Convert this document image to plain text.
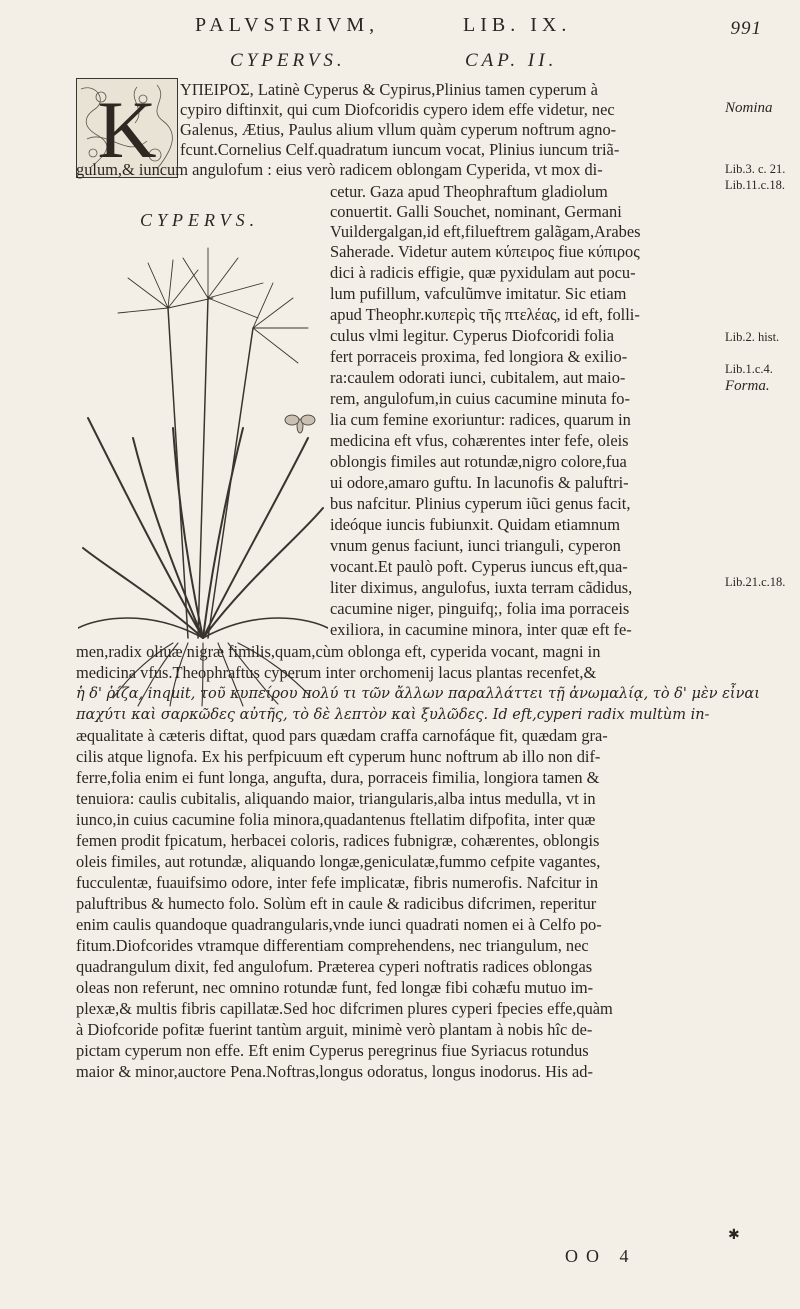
PALVSTRIVM,	LIB. IX.	991
CYPERVS.	CAP. II.
K
CYPERVS.
ΥΠΕΙΡΟΣ, Latinè Cyperus & Cypirus,Plinius tamen cyperum à
cypiro diftinxit, qui cum Diofcoridis cypero idem effe videtur, nec
Galenus, Ætius, Paulus alium vllum quàm cyperum noftrum agno-
fcunt.Cornelius Celf.quadratum iuncum vocat, Plinius iuncum triã-
gulum,& iuncum angulofum : eius verò radicem oblongam Cyperida, vt mox di-
cetur. Gaza apud Theophraftum gladiolum
conuertit. Galli Souchet, nominant, Germani
Vuildergalgan,id eft,filueftrem galãgam,Arabes
Saherade. Videtur autem κύπειρος fiue κύπιρος
dici à radicis effigie, quæ pyxidulam aut pocu-
lum pufillum, vafculũmve imitatur. Sic etiam
apud Theophr.κυπερὶς τῆς πτελέας, id eft, folli-
culus vlmi legitur. Cyperus Diofcoridi folia
fert porraceis proxima, fed longiora & exilio-
ra:caulem odorati iunci, cubitalem, aut maio-
rem, angulofum,in cuius cacumine minuta fo-
lia cum femine exoriuntur: radices, quarum in
medicina eft vfus, cohærentes inter fefe, oleis
oblongis fimiles aut rotundæ,nigro colore,fua
ui odore,amaro guftu. In lacunofis & paluftri-
bus nafcitur. Plinius cyperum iũci genus facit,
ideóque iuncis fubiunxit. Quidam etiamnum
vnum genus faciunt, iunci trianguli, cyperon
vocant.Et paulò poft. Cyperus iuncus eft,qua-
liter diximus, angulofus, iuxta terram cãdidus,
cacumine niger, pinguifq;, folia ima porraceis
exiliora, in cacumine minora, inter quæ eft fe-
men,radix oliuæ nigræ fimilis,quam,cùm oblonga eft, cyperida vocant, magni in
medicina vfus.Theophraftus cyperum inter orchomenij lacus plantas recenfet,&
ἡ δ' ῥίζα, inquit, τοῦ κυπείρου πολύ τι τῶν ἄλλων παραλλάττει τῇ ἀνωμαλίᾳ, τὸ δ' μὲν εἶναι
παχύτι καὶ σαρκῶδες αὐτῆς, τὸ δὲ λεπτὸν καὶ ξυλῶδες. Id eft,cyperi radix multùm in-
æqualitate à cæteris diftat, quod pars quædam craffa carnofáque fit, quædam gra-
cilis atque lignofa. Ex his perfpicuum eft cyperum hunc noftrum ab illo non dif-
ferre,folia enim ei funt longa, angufta, dura, porraceis fimilia, longiora tamen &
tenuiora: caulis cubitalis, aliquando maior, triangularis,alba intus medulla, vt in
iunco,in cuius cacumine folia minora,quadantenus ftellatim difpofita, inter quæ
femen prodit fpicatum, herbacei coloris, radices fubnigræ, cohærentes, oblongis
oleis fimiles, aut rotundæ, aliquando longæ,geniculatæ,fummo cefpite vagantes,
fucculentæ, fuauifsimo odore, inter fefe implicatæ, fibris numerofis. Nafcitur in
paluftribus & humecto folo. Solùm eft in caule & radicibus difcrimen, reperitur
enim caulis quandoque quadrangularis,vnde iunci quadrati nomen ei à Celfo po-
fitum.Diofcorides vtramque differentiam comprehendens, nec triangulum, nec
quadrangulum dixit, fed angulofum. Præterea cyperi noftratis radices oblongas
oleas non referunt, nec omnino rotundæ funt, fed longæ fibi cohæfu mutuo im-
plexæ,& multis fibris capillatæ.Sed hoc difcrimen plures cyperi fpecies effe,quàm
à Diofcoride pofitæ fuerint tantùm arguit, minimè verò plantam à nobis hîc de-
pictam cyperum non effe. Eft enim Cyperus peregrinus fiue Syriacus rotundus
maior & minor,auctore Pena.Noftras,longus odoratus, longus inodorus. His ad-
Nomina
Lib.3. c. 21.
Lib.11.c.18.
Lib.2. hist.
Lib.1.c.4.
Forma.
Lib.21.c.18.
✱
OO 4
